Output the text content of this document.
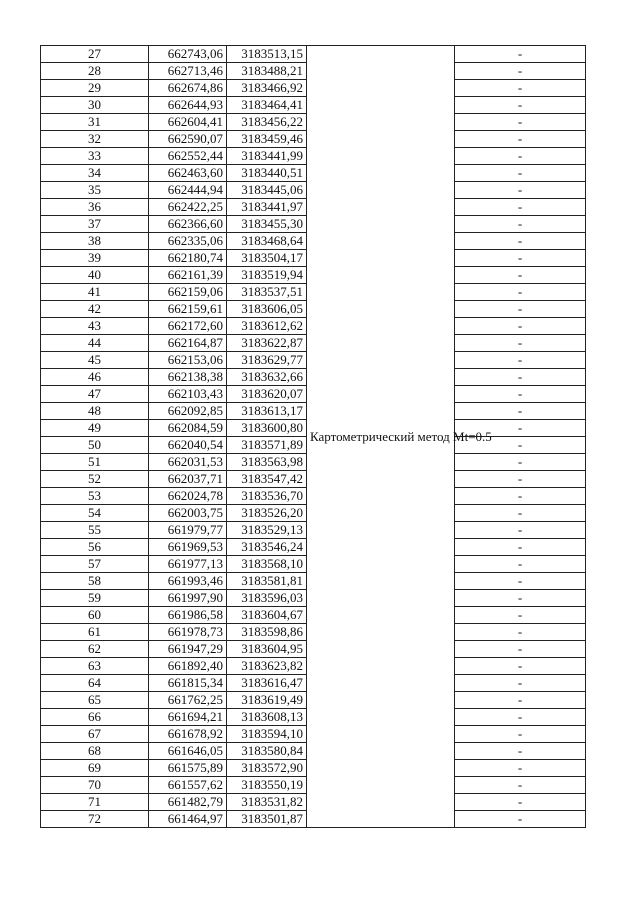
27	662743,06	3183513,15	Картометрический метод Mt=0.5	-
28	662713,46	3183488,21		-
29	662674,86	3183466,92		-
30	662644,93	3183464,41		-
31	662604,41	3183456,22		-
32	662590,07	3183459,46		-
33	662552,44	3183441,99		-
34	662463,60	3183440,51		-
35	662444,94	3183445,06		-
36	662422,25	3183441,97		-
37	662366,60	3183455,30		-
38	662335,06	3183468,64		-
39	662180,74	3183504,17		-
40	662161,39	3183519,94		-
41	662159,06	3183537,51		-
42	662159,61	3183606,05		-
43	662172,60	3183612,62		-
44	662164,87	3183622,87		-
45	662153,06	3183629,77		-
46	662138,38	3183632,66		-
47	662103,43	3183620,07		-
48	662092,85	3183613,17		-
49	662084,59	3183600,80		-
50	662040,54	3183571,89		-
51	662031,53	3183563,98		-
52	662037,71	3183547,42		-
53	662024,78	3183536,70		-
54	662003,75	3183526,20		-
55	661979,77	3183529,13		-
56	661969,53	3183546,24		-
57	661977,13	3183568,10		-
58	661993,46	3183581,81		-
59	661997,90	3183596,03		-
60	661986,58	3183604,67		-
61	661978,73	3183598,86		-
62	661947,29	3183604,95		-
63	661892,40	3183623,82		-
64	661815,34	3183616,47		-
65	661762,25	3183619,49		-
66	661694,21	3183608,13		-
67	661678,92	3183594,10		-
68	661646,05	3183580,84		-
69	661575,89	3183572,90		-
70	661557,62	3183550,19		-
71	661482,79	3183531,82		-
72	661464,97	3183501,87		-
